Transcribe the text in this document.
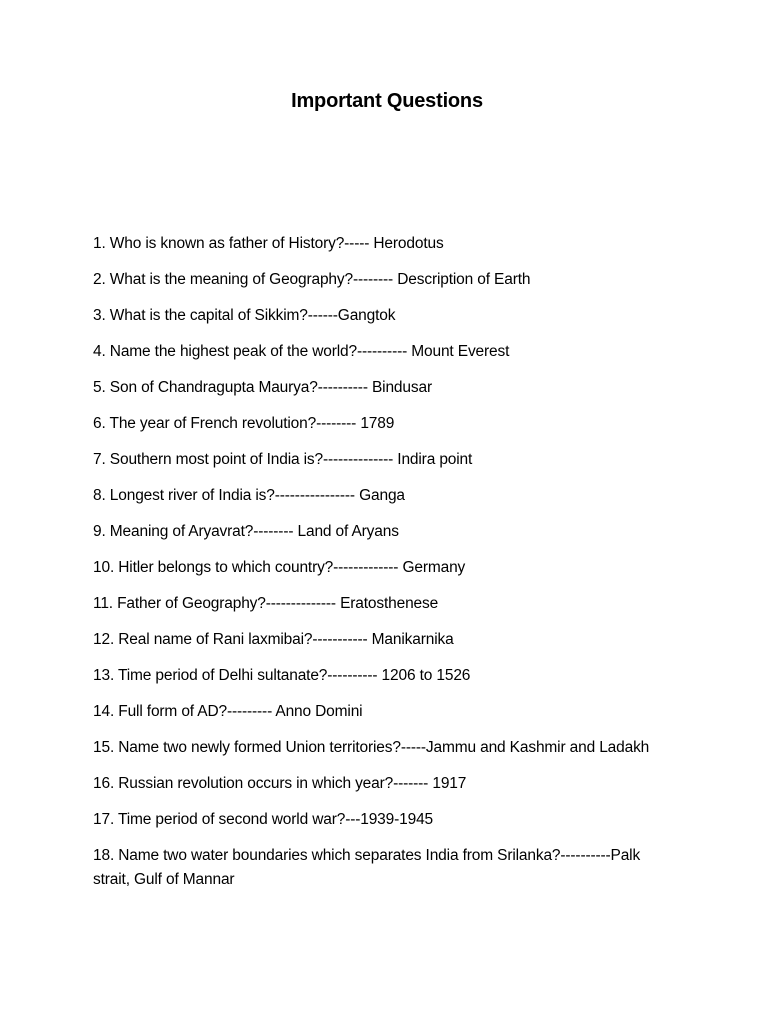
Important Questions
1. Who is known as father of History?----- Herodotus
2. What is the meaning of Geography?-------- Description of Earth
3. What is the capital of Sikkim?------Gangtok
4. Name the highest peak of the world?---------- Mount Everest
5. Son of Chandragupta Maurya?---------- Bindusar
6. The year of French revolution?-------- 1789
7. Southern most point of India is?-------------- Indira point
8. Longest river of India is?---------------- Ganga
9. Meaning of Aryavrat?-------- Land of Aryans
10. Hitler belongs to which country?------------- Germany
11. Father of Geography?-------------- Eratosthenese
12. Real name of Rani laxmibai?----------- Manikarnika
13. Time period of Delhi sultanate?---------- 1206 to 1526
14. Full form of AD?--------- Anno Domini
15. Name two newly formed Union territories?-----Jammu and Kashmir and Ladakh
16. Russian revolution occurs in which year?------- 1917
17. Time period of second world war?---1939-1945
18. Name two water boundaries which separates India from Srilanka?----------Palk strait, Gulf of Mannar
